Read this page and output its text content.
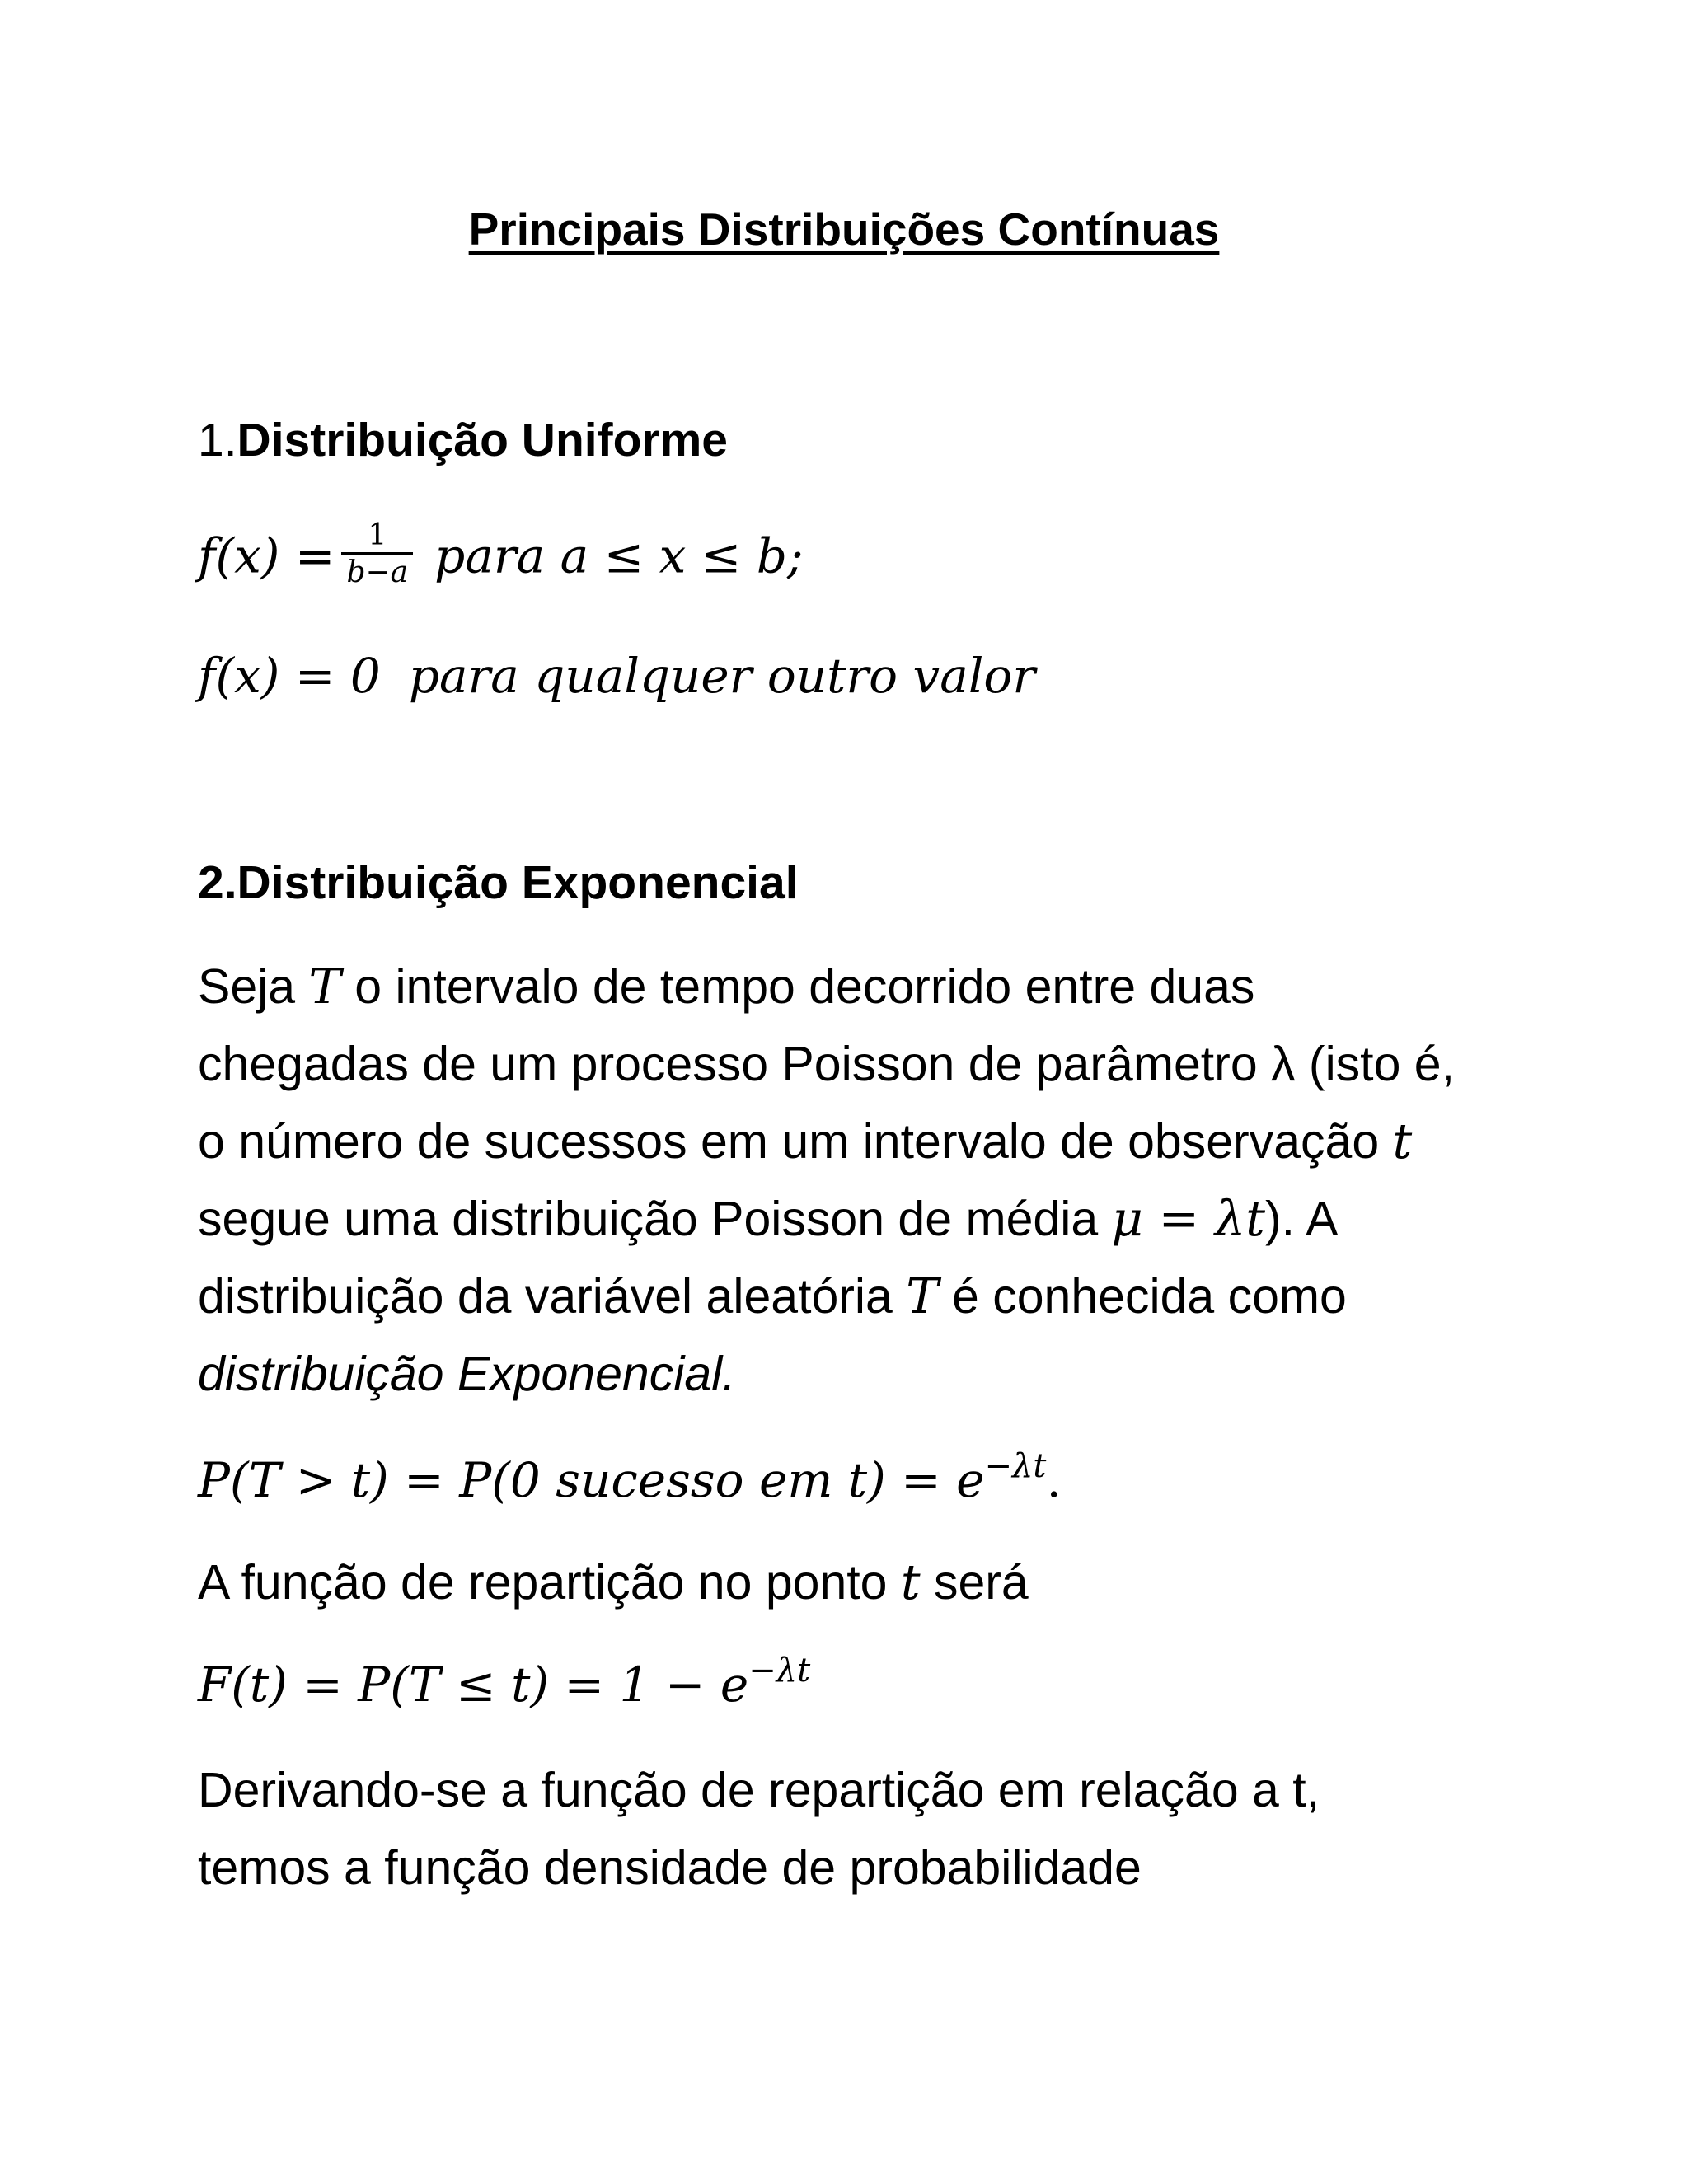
Principais Distribuições Contínuas
1.Distribuição Uniforme
$f(x) = \frac{1}{b-a}$ para a ≤ x ≤ b;
f(x) = 0 para qualquer outro valor
2.Distribuição Exponencial
Seja T o intervalo de tempo decorrido entre duas
chegadas de um processo Poisson de parâmetro λ (isto é,
o número de sucessos em um intervalo de observação t
segue uma distribuição Poisson de média μ = λt). A
distribuição da variável aleatória T é conhecida como
distribuição Exponencial.
P(T > t) = P(0 sucesso em $t) = e^{-\lambda t}$.
A função de repartição no ponto t será
$F(t) = P(T \le t) = 1 - e^{-\lambda t}$
Derivando-se a função de repartição em relação a t,
temos a função densidade de probabilidade
